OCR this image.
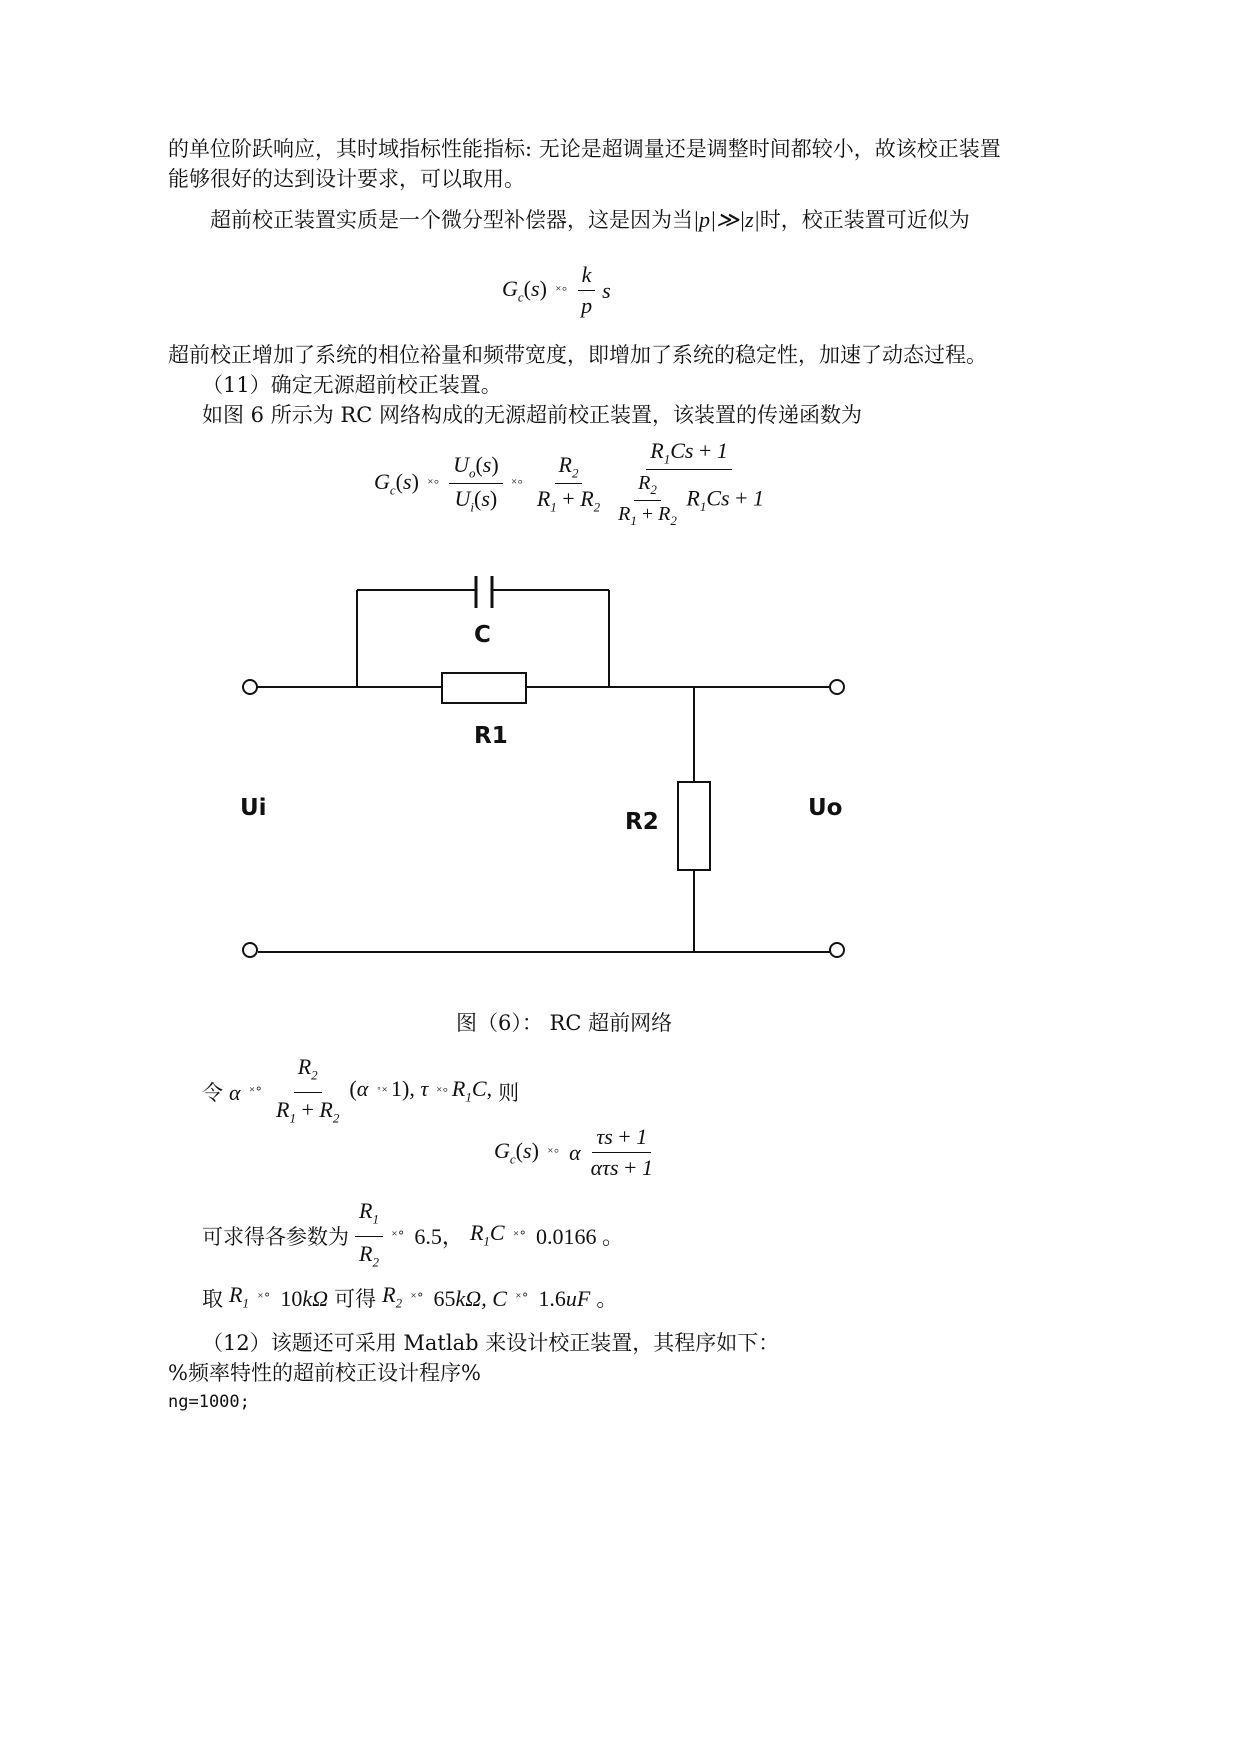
的单位阶跃响应，其时域指标性能指标: 无论是超调量还是调整时间都较小，故该校正装置
能够很好的达到设计要求，可以取用。
超前校正装置实质是一个微分型补偿器，这是因为当|p|≫|z|时，校正装置可近似为
$G_c(s)$ ˟° $\frac{k}{p}$ s
超前校正增加了系统的相位裕量和频带宽度，即增加了系统的稳定性，加速了动态过程。
（11）确定无源超前校正装置。
如图 6 所示为 RC 网络构成的无源超前校正装置，该装置的传递函数为
$G_c(s)$ ˟° $\frac{U_o(s)}{U_i(s)}$ ˟° $\frac{R_2}{R_1 + R_2} \frac{R_1Cs + 1}{\frac{R_2}{R_1 + R_2} R_1Cs + 1}$
C
R1
R2
Ui	Uo
图（6）： RC 超前网络
令 α ˟° $\frac{R_2}{R_1 + R_2} (\alpha$ ˚˟ 1), τ ˟° $R_1C$, 则
$G_c(s)$ ˟° α $\frac{\tau s + 1}{\text{ατs + 1}}$
可求得各参数为 $\frac{R_1}{R_2}$ ˟° 6.5， $R_1C$ ˟° 0.0166 。
取 $R_1$ ˟° 10kΩ 可得 $R_2$ ˟° 65kΩ, C ˟° 1.6uF 。
（12）该题还可采用 Matlab 来设计校正装置，其程序如下：
%频率特性的超前校正设计程序%
ng=1000;
